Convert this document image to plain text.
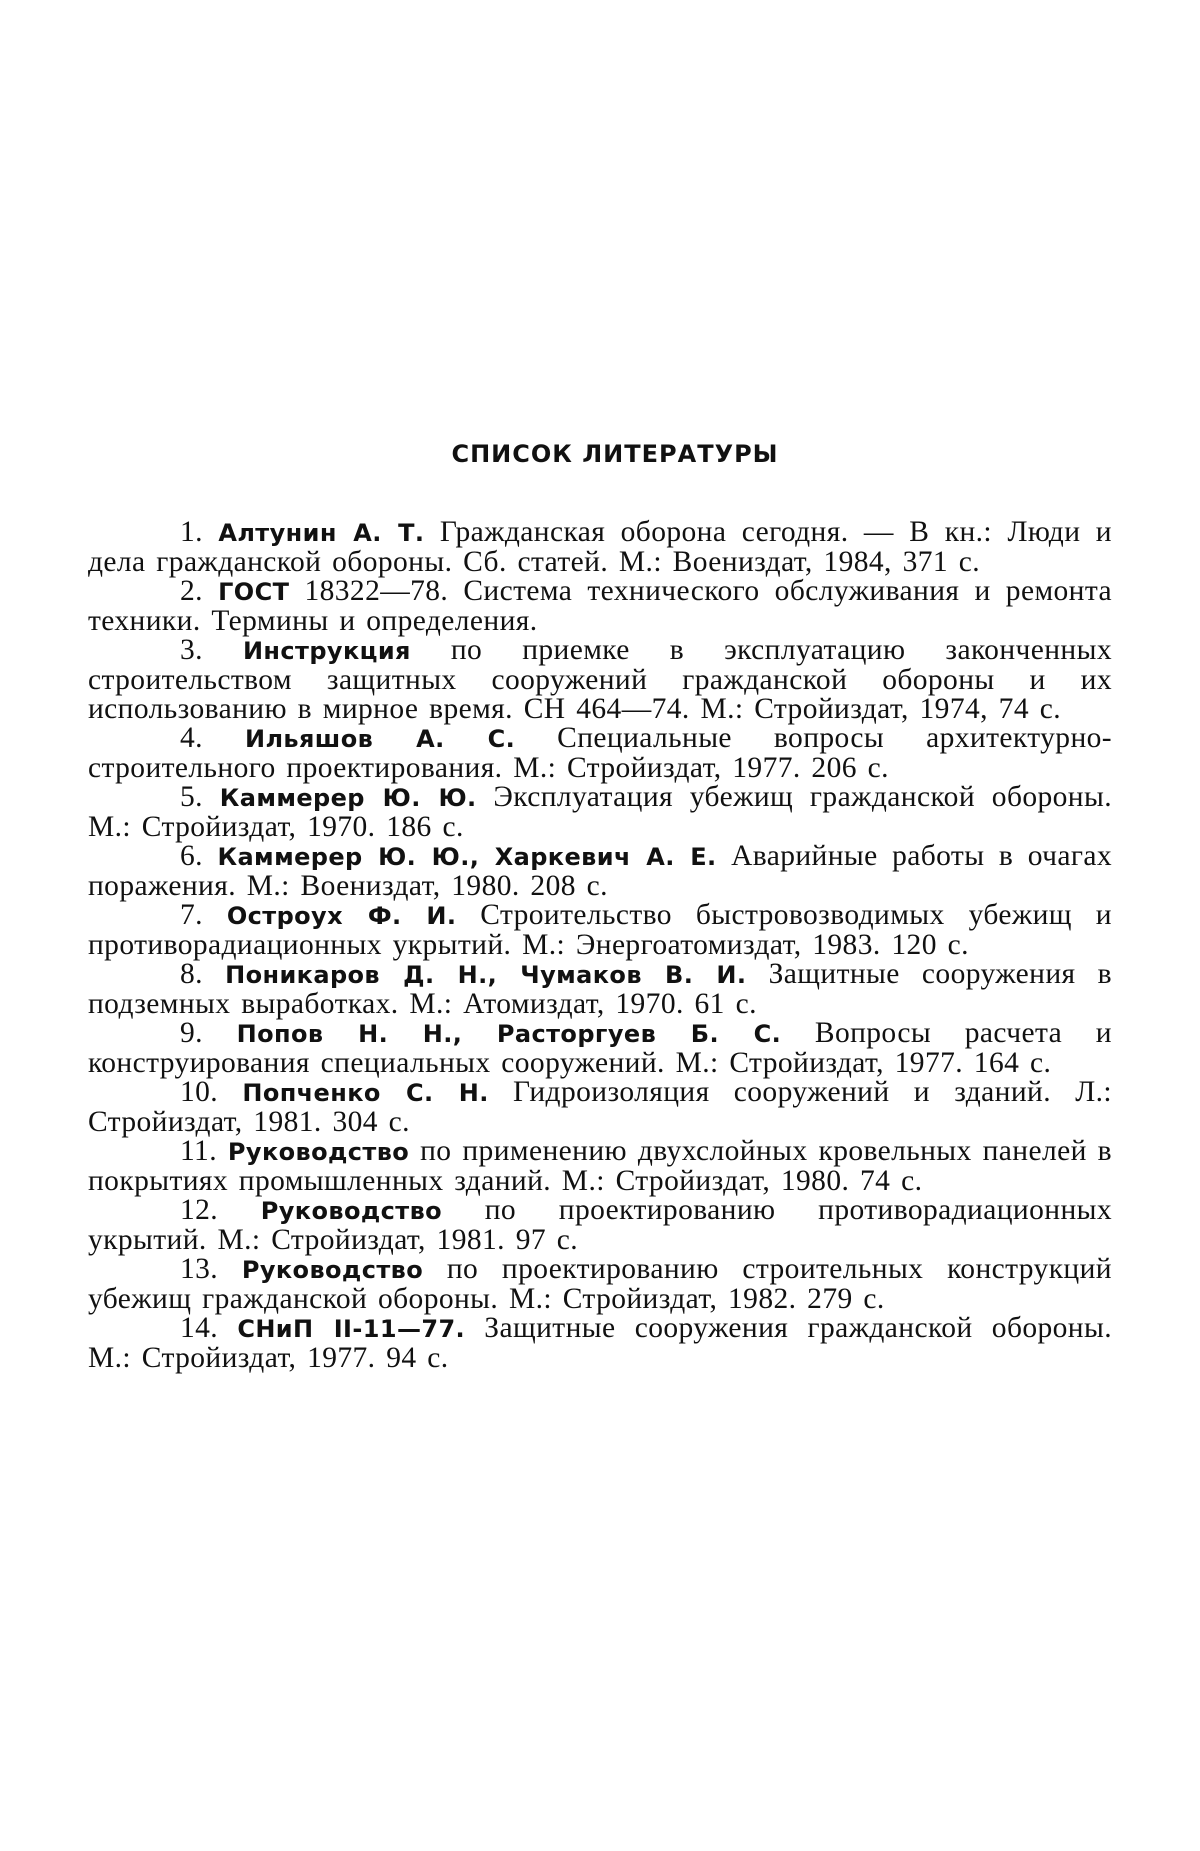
СПИСОК ЛИТЕРАТУРЫ
1. Алтунин А. Т. Гражданская оборона сегодня. — В кн.: Люди и дела гражданской обороны. Сб. статей. М.: Воениздат, 1984, 371 с.
2. ГОСТ 18322—78. Система технического обслуживания и ремонта техники. Термины и определения.
3. Инструкция по приемке в эксплуатацию законченных строительством защитных сооружений гражданской обороны и их использованию в мирное время. СН 464—74. М.: Стройиздат, 1974, 74 с.
4. Ильяшов А. С. Специальные вопросы архитектурно-строительного проектирования. М.: Стройиздат, 1977. 206 с.
5. Каммерер Ю. Ю. Эксплуатация убежищ гражданской обороны. М.: Стройиздат, 1970. 186 с.
6. Каммерер Ю. Ю., Харкевич А. Е. Аварийные работы в очагах поражения. М.: Воениздат, 1980. 208 с.
7. Остроух Ф. И. Строительство быстровозводимых убежищ и противорадиационных укрытий. М.: Энергоатомиздат, 1983. 120 с.
8. Поникаров Д. Н., Чумаков В. И. Защитные сооружения в подземных выработках. М.: Атомиздат, 1970. 61 с.
9. Попов Н. Н., Расторгуев Б. С. Вопросы расчета и конструирования специальных сооружений. М.: Стройиздат, 1977. 164 с.
10. Попченко С. Н. Гидроизоляция сооружений и зданий. Л.: Стройиздат, 1981. 304 с.
11. Руководство по применению двухслойных кровельных панелей в покрытиях промышленных зданий. М.: Стройиздат, 1980. 74 с.
12. Руководство по проектированию противорадиационных укрытий. М.: Стройиздат, 1981. 97 с.
13. Руководство по проектированию строительных конструкций убежищ гражданской обороны. М.: Стройиздат, 1982. 279 с.
14. СНиП II-11—77. Защитные сооружения гражданской обороны. М.: Стройиздат, 1977. 94 с.
